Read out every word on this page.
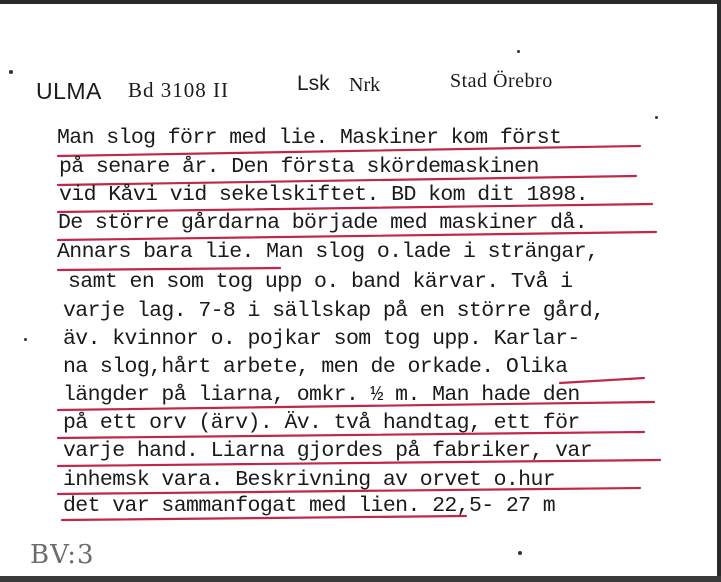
ULMA Bd 3108 II	Lsk Nrk	Stad Örebro
Man slog förr med lie. Maskiner kom först
på senare år. Den första skördemaskinen
vid Kåvi vid sekelskiftet. BD kom dit 1898.
De större gårdarna började med maskiner då.
Annars bara lie. Man slog o.lade i strängar,
samt en som tog upp o. band kärvar. Två i
varje lag. 7-8 i sällskap på en större gård,
äv. kvinnor o. pojkar som tog upp. Karlar-
na slog,hårt arbete, men de orkade. Olika
längder på liarna, omkr. ½ m. Man hade den
på ett orv (ärv). Äv. två handtag, ett för
varje hand. Liarna gjordes på fabriker, var
inhemsk vara. Beskrivning av orvet o.hur
det var sammanfogat med lien. 22,5- 27 m
BV:3
